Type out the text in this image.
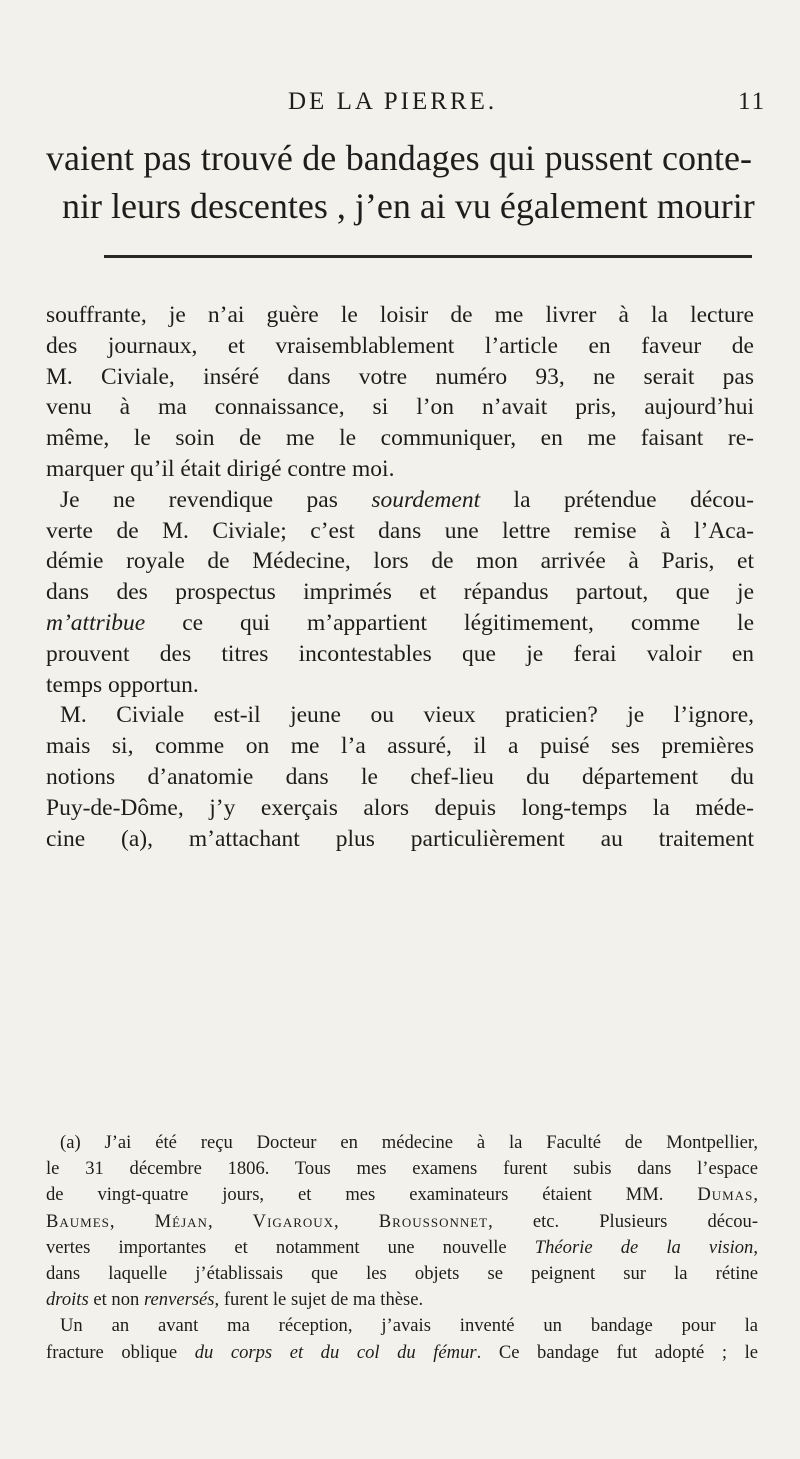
DE LA PIERRE.	11
vaient pas trouvé de bandages qui pussent conte-
nir leurs descentes , j’en ai vu également mourir
souffrante, je n’ai guère le loisir de me livrer à la lecture
des journaux, et vraisemblablement l’article en faveur de
M. Civiale, inséré dans votre numéro 93, ne serait pas
venu à ma connaissance, si l’on n’avait pris, aujourd’hui
même, le soin de me le communiquer, en me faisant re-
marquer qu’il était dirigé contre moi.
Je ne revendique pas sourdement la prétendue décou-
verte de M. Civiale; c’est dans une lettre remise à l’Aca-
démie royale de Médecine, lors de mon arrivée à Paris, et
dans des prospectus imprimés et répandus partout, que je
m’attribue ce qui m’appartient légitimement, comme le
prouvent des titres incontestables que je ferai valoir en
temps opportun.
M. Civiale est-il jeune ou vieux praticien? je l’ignore,
mais si, comme on me l’a assuré, il a puisé ses premières
notions d’anatomie dans le chef-lieu du département du
Puy-de-Dôme, j’y exerçais alors depuis long-temps la méde-
cine (a), m’attachant plus particulièrement au traitement
(a) J’ai été reçu Docteur en médecine à la Faculté de Montpellier,
le 31 décembre 1806. Tous mes examens furent subis dans l’espace
de vingt-quatre jours, et mes examinateurs étaient MM. Dumas,
Baumes, Méjan, Vigaroux, Broussonnet, etc. Plusieurs décou-
vertes importantes et notamment une nouvelle Théorie de la vision,
dans laquelle j’établissais que les objets se peignent sur la rétine
droits et non renversés, furent le sujet de ma thèse.
Un an avant ma réception, j’avais inventé un bandage pour la
fracture oblique du corps et du col du fémur. Ce bandage fut adopté ; le
